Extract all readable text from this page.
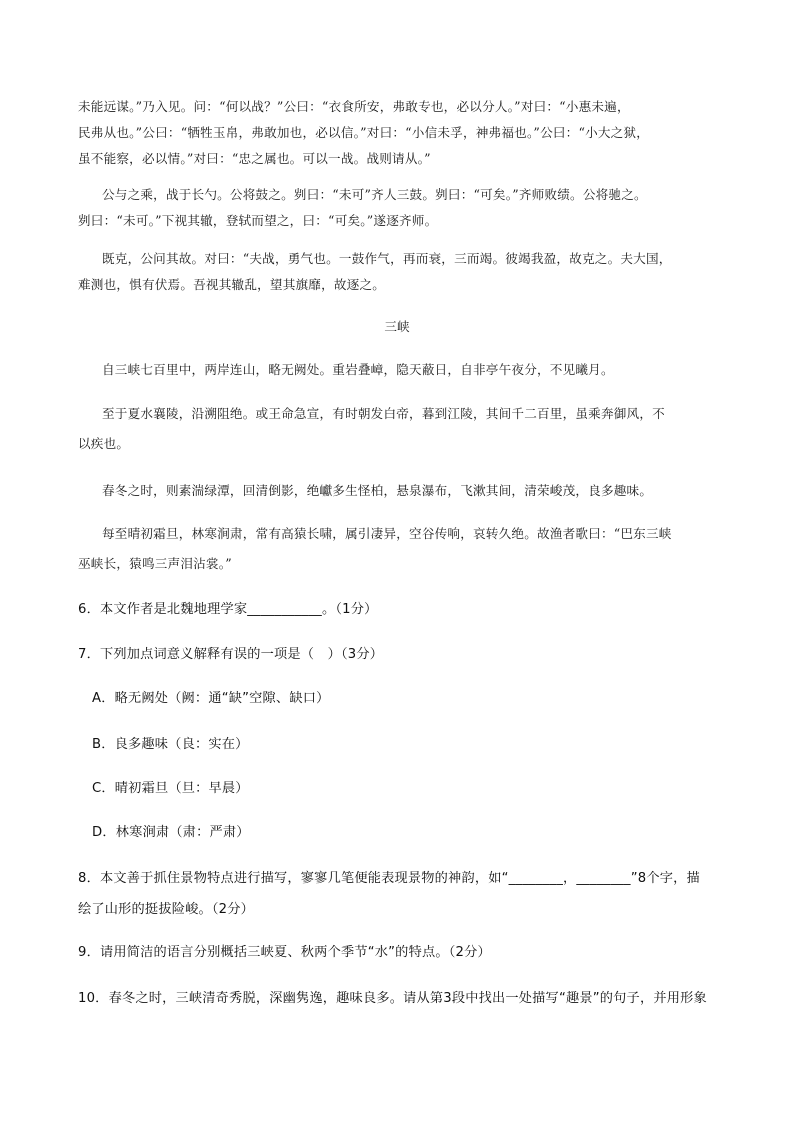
未能远谋。”乃入见。问：“何以战？”公曰：“衣食所安，弗敢专也，必以分人。”对曰：“小惠未遍，
民弗从也。”公曰：“牺牲玉帛，弗敢加也，必以信。”对曰：“小信未孚，神弗福也。”公曰：“小大之狱，
虽不能察，必以情。”对曰：“忠之属也。可以一战。战则请从。”
公与之乘，战于长勺。公将鼓之。刿曰：“未可”齐人三鼓。刿曰：“可矣。”齐师败绩。公将驰之。
刿曰：“未可。”下视其辙，登轼而望之，曰：“可矣。”遂逐齐师。
既克，公问其故。对曰：“夫战，勇气也。一鼓作气，再而衰，三而竭。彼竭我盈，故克之。夫大国，
难测也，惧有伏焉。吾视其辙乱，望其旗靡，故逐之。
三峡
自三峡七百里中，两岸连山，略无阙处。重岩叠嶂，隐天蔽日，自非亭午夜分，不见曦月。
至于夏水襄陵，沿溯阻绝。或王命急宣，有时朝发白帝，暮到江陵，其间千二百里，虽乘奔御风，不
以疾也。
春冬之时，则素湍绿潭，回清倒影，绝巘多生怪柏，悬泉瀑布，飞漱其间，清荣峻茂，良多趣味。
每至晴初霜旦，林寒涧肃，常有高猿长啸，属引凄异，空谷传响，哀转久绝。故渔者歌曰：“巴东三峡
巫峡长，猿鸣三声泪沾裳。”
6．本文作者是北魏地理学家___________。（1分）
7．下列加点词意义解释有误的一项是（　）（3分）
A．略无阙处（阙：通“缺”空隙、缺口）
B．良多趣味（良：实在）
C．晴初霜旦（旦：早晨）
D．林寒涧肃（肃：严肃）
8．本文善于抓住景物特点进行描写，寥寥几笔便能表现景物的神韵，如“________，________”8个字，描
绘了山形的挺拔险峻。（2分）
9．请用简洁的语言分别概括三峡夏、秋两个季节“水”的特点。（2分）
10．春冬之时，三峡清奇秀脱，深幽隽逸，趣味良多。请从第3段中找出一处描写“趣景”的句子，并用形象
